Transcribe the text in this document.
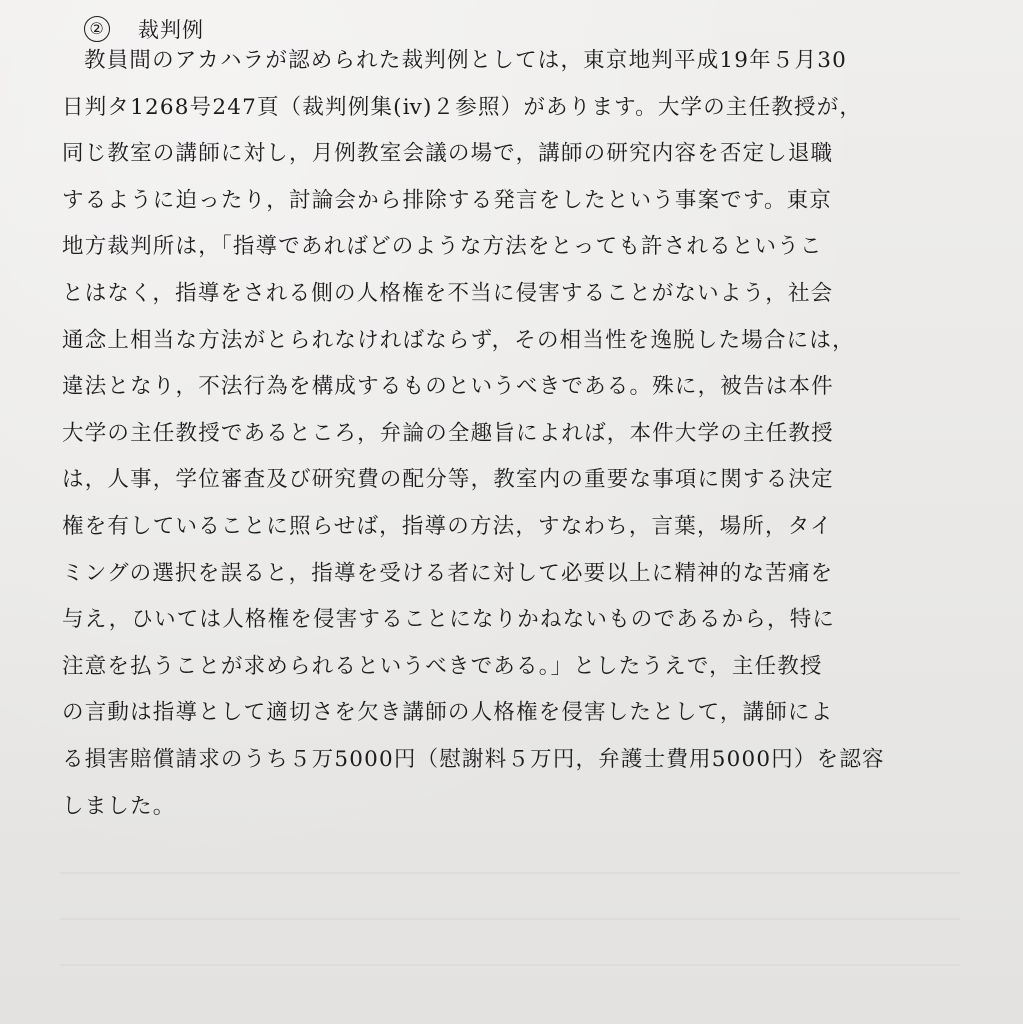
② 裁判例
教員間のアカハラが認められた裁判例としては，東京地判平成19年５月30
日判タ1268号247頁（裁判例集(ⅳ)２参照）があります。大学の主任教授が，
同じ教室の講師に対し，月例教室会議の場で，講師の研究内容を否定し退職
するように迫ったり，討論会から排除する発言をしたという事案です。東京
地方裁判所は，「指導であればどのような方法をとっても許されるというこ
とはなく，指導をされる側の人格権を不当に侵害することがないよう，社会
通念上相当な方法がとられなければならず，その相当性を逸脱した場合には，
違法となり，不法行為を構成するものというべきである。殊に，被告は本件
大学の主任教授であるところ，弁論の全趣旨によれば，本件大学の主任教授
は，人事，学位審査及び研究費の配分等，教室内の重要な事項に関する決定
権を有していることに照らせば，指導の方法，すなわち，言葉，場所，タイ
ミングの選択を誤ると，指導を受ける者に対して必要以上に精神的な苦痛を
与え，ひいては人格権を侵害することになりかねないものであるから，特に
注意を払うことが求められるというべきである。」としたうえで，主任教授
の言動は指導として適切さを欠き講師の人格権を侵害したとして，講師によ
る損害賠償請求のうち５万5000円（慰謝料５万円，弁護士費用5000円）を認容
しました。
